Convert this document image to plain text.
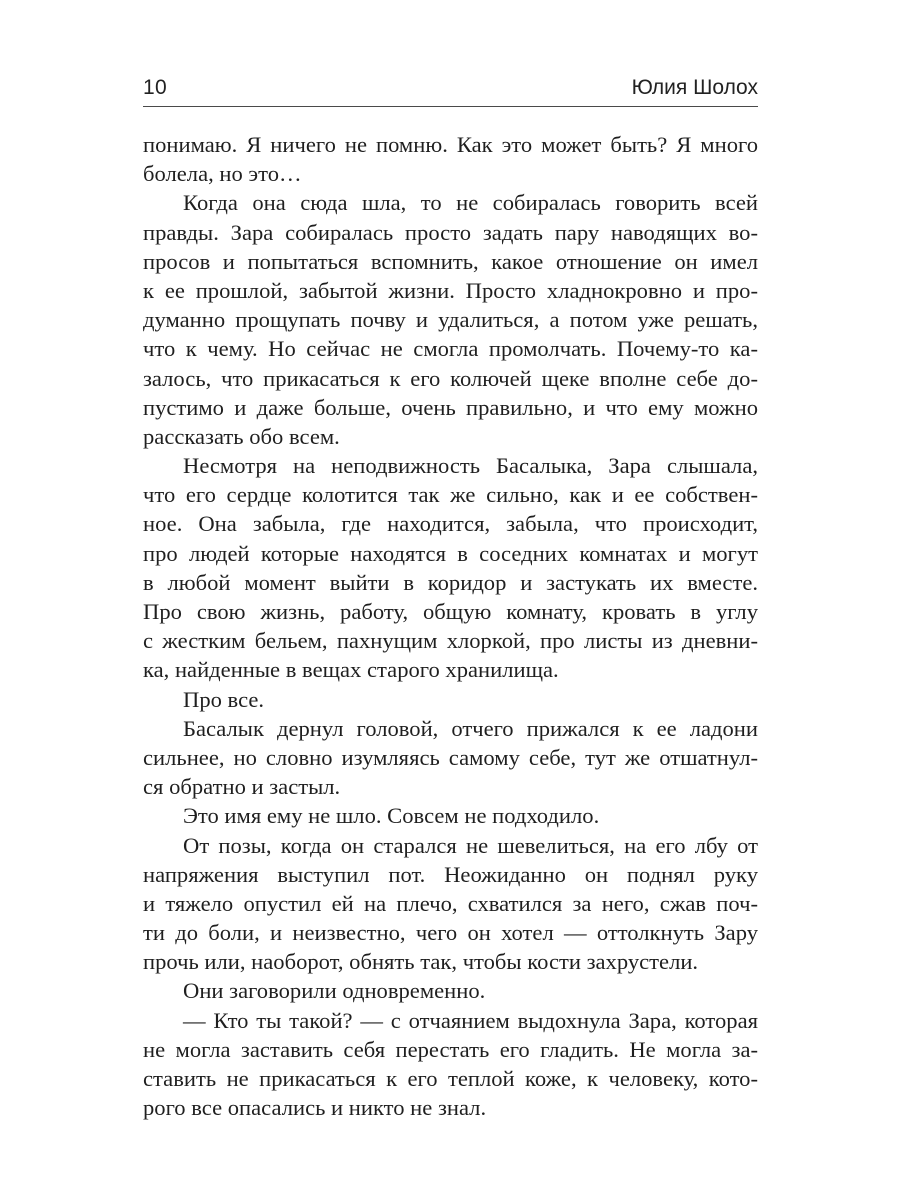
10	Юлия Шолох
понимаю. Я ничего не помню. Как это может быть? Я много
болела, но это…
Когда она сюда шла, то не собиралась говорить всей
правды. Зара собиралась просто задать пару наводящих во-
просов и попытаться вспомнить, какое отношение он имел
к ее прошлой, забытой жизни. Просто хладнокровно и про-
думанно прощупать почву и удалиться, а потом уже решать,
что к чему. Но сейчас не смогла промолчать. Почему-то ка-
залось, что прикасаться к его колючей щеке вполне себе до-
пустимо и даже больше, очень правильно, и что ему можно
рассказать обо всем.
Несмотря на неподвижность Басалыка, Зара слышала,
что его сердце колотится так же сильно, как и ее собствен-
ное. Она забыла, где находится, забыла, что происходит,
про людей которые находятся в соседних комнатах и могут
в любой момент выйти в коридор и застукать их вместе.
Про свою жизнь, работу, общую комнату, кровать в углу
с жестким бельем, пахнущим хлоркой, про листы из дневни-
ка, найденные в вещах старого хранилища.
Про все.
Басалык дернул головой, отчего прижался к ее ладони
сильнее, но словно изумляясь самому себе, тут же отшатнул-
ся обратно и застыл.
Это имя ему не шло. Совсем не подходило.
От позы, когда он старался не шевелиться, на его лбу от
напряжения выступил пот. Неожиданно он поднял руку
и тяжело опустил ей на плечо, схватился за него, сжав поч-
ти до боли, и неизвестно, чего он хотел — оттолкнуть Зару
прочь или, наоборот, обнять так, чтобы кости захрустели.
Они заговорили одновременно.
— Кто ты такой? — с отчаянием выдохнула Зара, которая
не могла заставить себя перестать его гладить. Не могла за-
ставить не прикасаться к его теплой коже, к человеку, кото-
рого все опасались и никто не знал.
